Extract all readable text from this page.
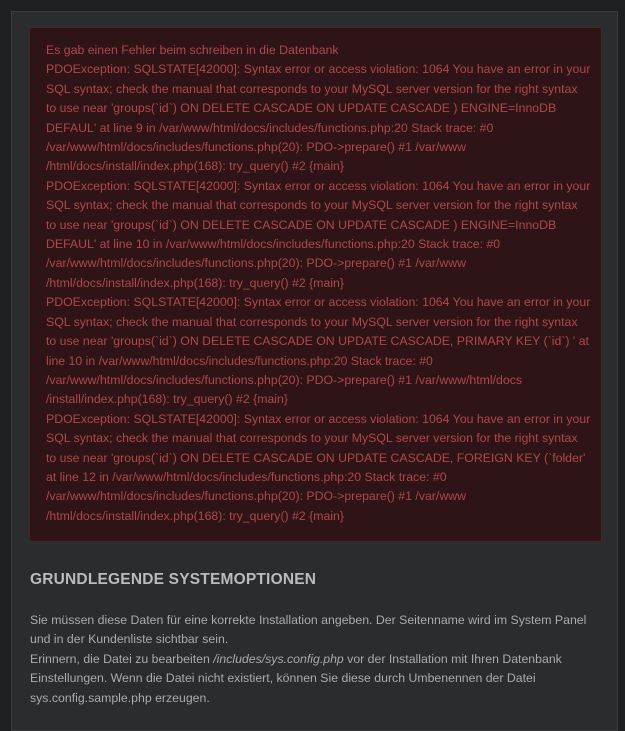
Es gab einen Fehler beim schreiben in die Datenbank

PDOException: SQLSTATE[42000]: Syntax error or access violation: 1064 You have an error in your SQL syntax; check the manual that corresponds to your MySQL server version for the right syntax to use near 'groups(`id`) ON DELETE CASCADE ON UPDATE CASCADE ) ENGINE=InnoDB DEFAUL' at line 9 in /var/www/html/docs/includes/functions.php:20 Stack trace: #0 /var/www/html/docs/includes/functions.php(20): PDO->prepare() #1 /var/www /html/docs/install/index.php(168): try_query() #2 {main}

PDOException: SQLSTATE[42000]: Syntax error or access violation: 1064 You have an error in your SQL syntax; check the manual that corresponds to your MySQL server version for the right syntax to use near 'groups(`id`) ON DELETE CASCADE ON UPDATE CASCADE ) ENGINE=InnoDB DEFAUL' at line 10 in /var/www/html/docs/includes/functions.php:20 Stack trace: #0 /var/www/html/docs/includes/functions.php(20): PDO->prepare() #1 /var/www /html/docs/install/index.php(168): try_query() #2 {main}

PDOException: SQLSTATE[42000]: Syntax error or access violation: 1064 You have an error in your SQL syntax; check the manual that corresponds to your MySQL server version for the right syntax to use near 'groups(`id`) ON DELETE CASCADE ON UPDATE CASCADE, PRIMARY KEY (`id`) ' at line 10 in /var/www/html/docs/includes/functions.php:20 Stack trace: #0 /var/www/html/docs/includes/functions.php(20): PDO->prepare() #1 /var/www/html/docs /install/index.php(168): try_query() #2 {main}

PDOException: SQLSTATE[42000]: Syntax error or access violation: 1064 You have an error in your SQL syntax; check the manual that corresponds to your MySQL server version for the right syntax to use near 'groups(`id`) ON DELETE CASCADE ON UPDATE CASCADE, FOREIGN KEY (`folder' at line 12 in /var/www/html/docs/includes/functions.php:20 Stack trace: #0 /var/www/html/docs/includes/functions.php(20): PDO->prepare() #1 /var/www /html/docs/install/index.php(168): try_query() #2 {main}

GRUNDLEGENDE SYSTEMOPTIONEN

Sie müssen diese Daten für eine korrekte Installation angeben. Der Seitenname wird im System Panel und in der Kundenliste sichtbar sein.
Erinnern, die Datei zu bearbeiten /includes/sys.config.php vor der Installation mit Ihren Datenbank Einstellungen. Wenn die Datei nicht existiert, können Sie diese durch Umbenennen der Datei sys.config.sample.php erzeugen.
